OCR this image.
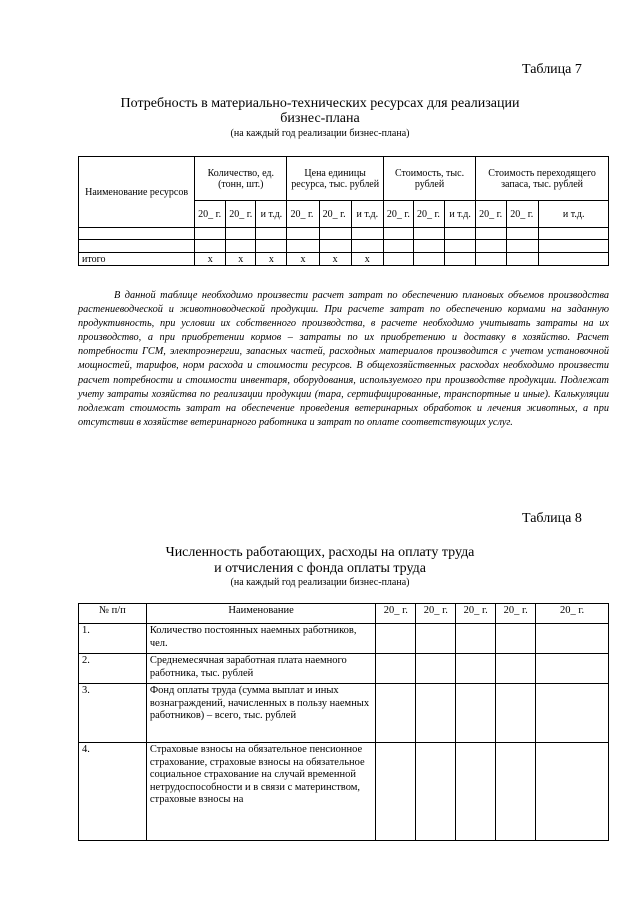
Таблица 7
Потребность в материально-технических ресурсах для реализации
бизнес-плана
(на каждый год реализации бизнес-плана)
Наименование ресурсов	Количество, ед. (тонн, шт.)			Цена единицы ресурса, тыс. рублей			Стоимость, тыс. рублей			Стоимость переходящего запаса, тыс. рублей		
	20_ г.	20_ г.	и т.д.	20_ г.	20_ г.	и т.д.	20_ г.	20_ г.	и т.д.	20_ г.	20_ г.	и т.д.

итого	х	х	х	х	х	х						
В данной таблице необходимо произвести расчет затрат по обеспечению плановых объемов производства растениеводческой и животноводческой продукции. При расчете затрат по обеспечению кормами на заданную продуктивность, при условии их собственного производства, в расчете необходимо учитывать затраты на их производство, а при приобретении кормов – затраты по их приобретению и доставку в хозяйство. Расчет потребности ГСМ, электроэнергии, запасных частей, расходных материалов производится с учетом установочной мощностей, тарифов, норм расхода и стоимости ресурсов. В общехозяйственных расходах необходимо произвести расчет потребности и стоимости инвентаря, оборудования, используемого при производстве продукции. Подлежат учету затраты хозяйства по реализации продукции (тара, сертифицированные, транспортные и иные). Калькуляции подлежат стоимость затрат на обеспечение проведения ветеринарных обработок и лечения животных, а при отсутствии в хозяйстве ветеринарного работника и затрат по оплате соответствующих услуг.
Таблица 8
Численность работающих, расходы на оплату труда
и отчисления с фонда оплаты труда
(на каждый год реализации бизнес-плана)
№ п/п	Наименование	20_ г.	20_ г.	20_ г.	20_ г.	20_ г.
1.	Количество постоянных наемных работников, чел.					
2.	Среднемесячная заработная плата наемного работника, тыс. рублей					
3.	Фонд оплаты труда (сумма выплат и иных вознаграждений, начисленных в пользу наемных работников) – всего, тыс. рублей					
4.	Страховые взносы на обязательное пенсионное страхование, страховые взносы на обязательное социальное страхование на случай временной нетрудоспособности и в связи с материнством, страховые взносы на					
